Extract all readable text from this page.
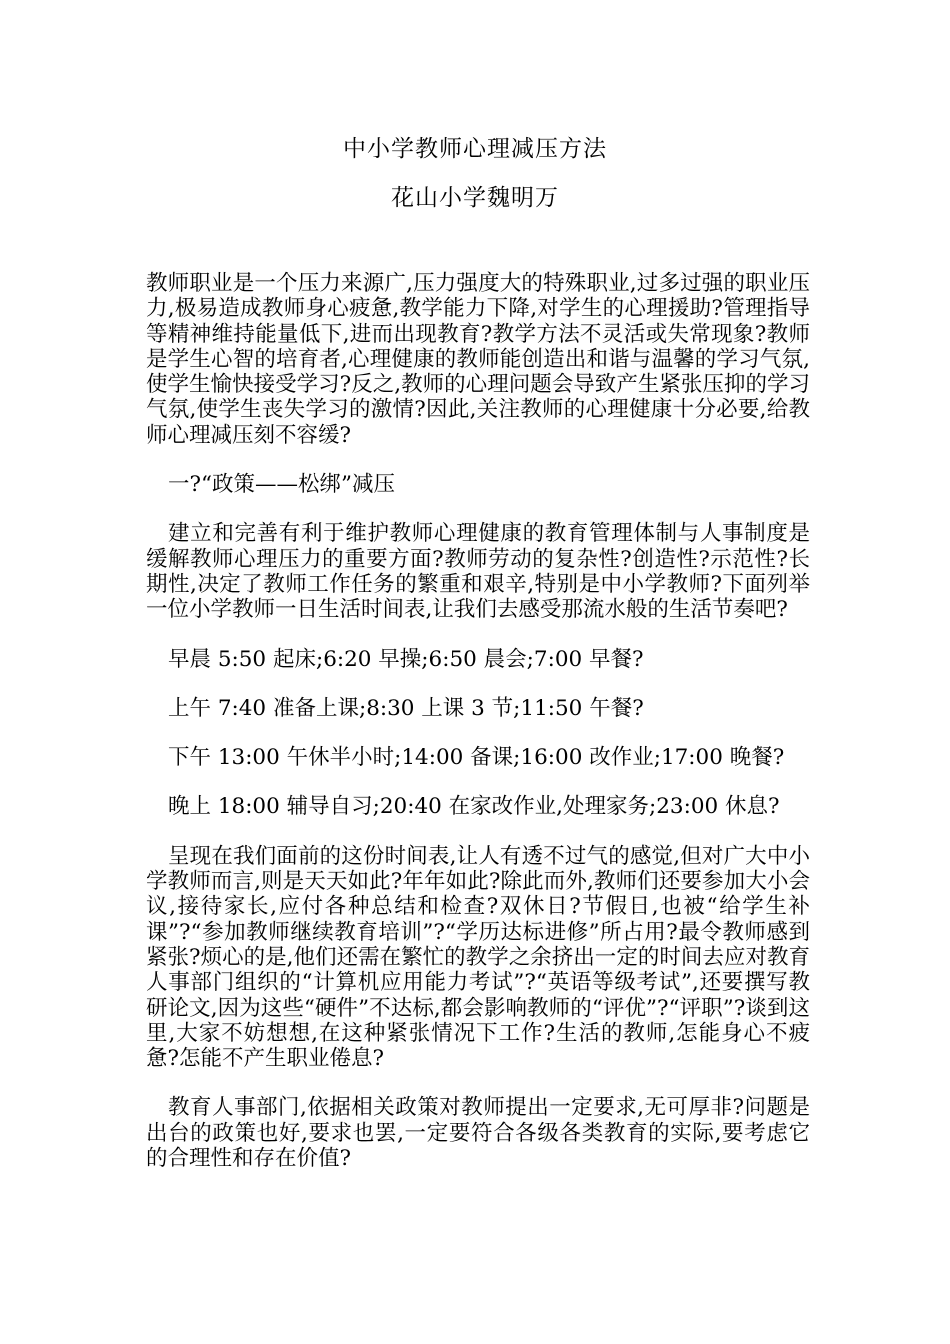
中小学教师心理减压方法
花山小学魏明万

教师职业是一个压力来源广,压力强度大的特殊职业,过多过强的职业压力,极易造成教师身心疲惫,教学能力下降,对学生的心理援助?管理指导等精神维持能量低下,进而出现教育?教学方法不灵活或失常现象?教师是学生心智的培育者,心理健康的教师能创造出和谐与温馨的学习气氛,使学生愉快接受学习?反之,教师的心理问题会导致产生紧张压抑的学习气氛,使学生丧失学习的激情?因此,关注教师的心理健康十分必要,给教师心理减压刻不容缓?

一?“政策——松绑”减压

建立和完善有利于维护教师心理健康的教育管理体制与人事制度是缓解教师心理压力的重要方面?教师劳动的复杂性?创造性?示范性?长期性,决定了教师工作任务的繁重和艰辛,特别是中小学教师?下面列举一位小学教师一日生活时间表,让我们去感受那流水般的生活节奏吧?

早晨 5:50 起床;6:20 早操;6:50 晨会;7:00 早餐?

上午 7:40 准备上课;8:30 上课 3 节;11:50 午餐?

下午 13:00 午休半小时;14:00 备课;16:00 改作业;17:00 晚餐?

晚上 18:00 辅导自习;20:40 在家改作业,处理家务;23:00 休息?

呈现在我们面前的这份时间表,让人有透不过气的感觉,但对广大中小学教师而言,则是天天如此?年年如此?除此而外,教师们还要参加大小会议,接待家长,应付各种总结和检查?双休日?节假日,也被“给学生补课”?“参加教师继续教育培训”?“学历达标进修”所占用?最令教师感到紧张?烦心的是,他们还需在繁忙的教学之余挤出一定的时间去应对教育人事部门组织的“计算机应用能力考试”?“英语等级考试”,还要撰写教研论文,因为这些“硬件”不达标,都会影响教师的“评优”?“评职”?谈到这里,大家不妨想想,在这种紧张情况下工作?生活的教师,怎能身心不疲惫?怎能不产生职业倦息?

教育人事部门,依据相关政策对教师提出一定要求,无可厚非?问题是出台的政策也好,要求也罢,一定要符合各级各类教育的实际,要考虑它的合理性和存在价值?
